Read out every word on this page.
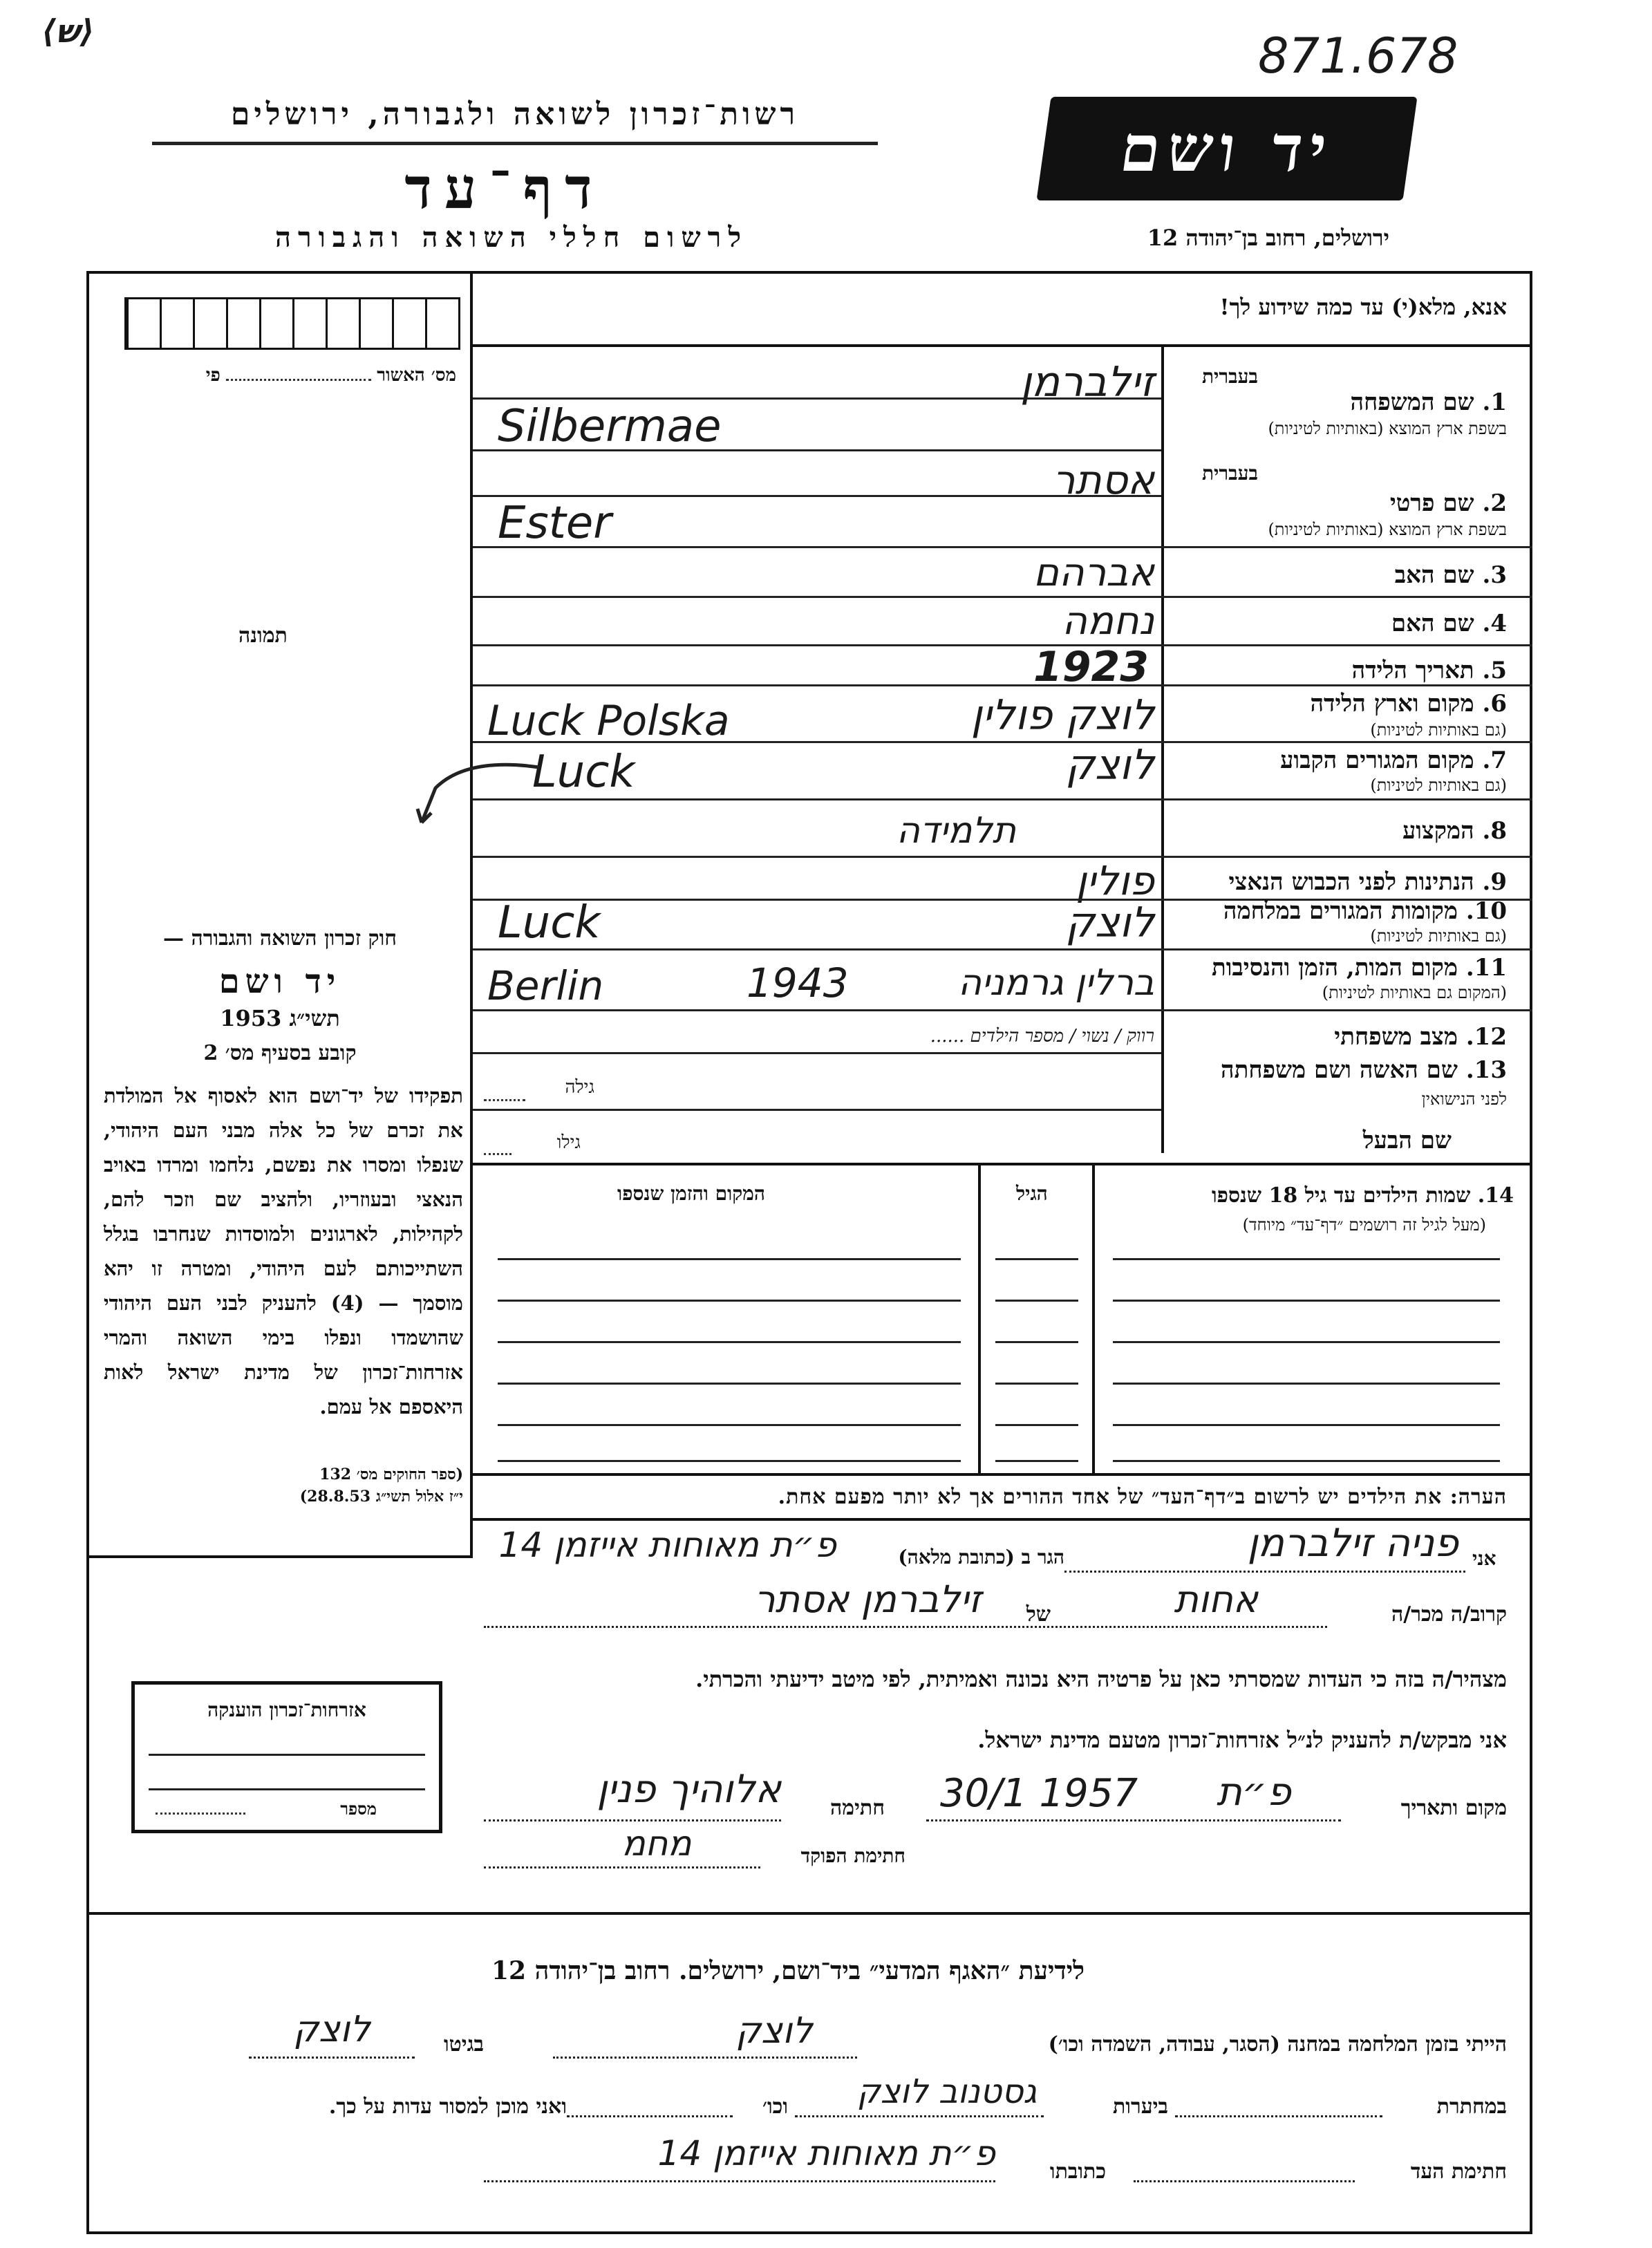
⟨ש⟩	871.678
רשות־זכרון לשואה ולגבורה, ירושלים
דף־עד
לרשום חללי השואה והגבורה
יד ושם
ירושלים, רחוב בן־יהודה 12
מס׳ האשור  פי
תמונה
אנא, מלא(י) עד כמה שידוע לך!
בעברית
1. שם המשפחה
בשפת ארץ המוצא (באותיות לטיניות)
זילברמן
Silbermae
בעברית
2. שם פרטי
בשפת ארץ המוצא (באותיות לטיניות)
אסתר
Ester
3. שם האב
אברהם
4. שם האם
נחמה
5. תאריך הלידה
1923
6. מקום וארץ הלידה
(גם באותיות לטיניות)
לוצק פולין
Luck Polska
7. מקום המגורים הקבוע
(גם באותיות לטיניות)
לוצק
Luck
8. המקצוע
תלמידה
9. הנתינות לפני הכבוש הנאצי
פולין
10. מקומות המגורים במלחמה
(גם באותיות לטיניות)
לוצק
Luck
11. מקום המות, הזמן והנסיבות
(המקום גם באותיות לטיניות)
ברלין גרמניה
Berlin	1943
12. מצב משפחתי
רווק / נשוי / מספר הילדים ......
13. שם האשה ושם משפחתה
לפני הנישואין
גילה
שם הבעל
גילו
14. שמות הילדים עד גיל 18 שנספו
(מעל לגיל זה רושמים ״דף־עד״ מיוחד)
הגיל
המקום והזמן שנספו
הערה: את הילדים יש לרשום ב״דף־העד״ של אחד ההורים אך לא יותר מפעם אחת.
חוק זכרון השואה והגבורה —
יד ושם
תשי״ג 1953
קובע בסעיף מס׳ 2
תפקידו של יד־ושם הוא לאסוף אל המולדת את זכרם של כל אלה מבני העם היהודי, שנפלו ומסרו את נפשם, נלחמו ומרדו באויב הנאצי ובעוזריו, ולהציב שם וזכר להם, לקהילות, לארגונים ולמוסדות שנחרבו בגלל השתייכותם לעם היהודי, ומטרה זו יהא מוסמך — (4) להעניק לבני העם היהודי שהושמדו ונפלו בימי השואה והמרי אזרחות־זכרון של מדינת ישראל לאות היאספם אל עמם.
(ספר החוקים מס׳ 132
י״ז אלול תשי״ג 28.8.53)
אני
פניה זילברמן
הגר ב (כתובת מלאה)
פ״ת מאוחות אייזמן 14
קרוב/ה מכר/ה
אחות
של
זילברמן אסתר
מצהיר/ה בזה כי העדות שמסרתי כאן על פרטיה היא נכונה ואמיתית, לפי מיטב ידיעתי והכרתי.
אני מבקש/ת להעניק לנ״ל אזרחות־זכרון מטעם מדינת ישראל.
מקום ותאריך
פ״ת
30/1 1957
חתימה
אלוהיך פנין
חתימת הפוקד
מחמ
אזרחות־זכרון הוענקה
מספר
לידיעת ״האגף המדעי״ ביד־ושם, ירושלים. רחוב בן־יהודה 12
הייתי בזמן המלחמה במחנה (הסגר, עבודה, השמדה וכו׳)
לוצק
בגיטו
לוצק
במחתרת
ביערות
גסטנוב לוצק
וכו׳
ואני מוכן למסור עדות על כך.
חתימת העד
כתובתו
פ״ת מאוחות אייזמן 14
